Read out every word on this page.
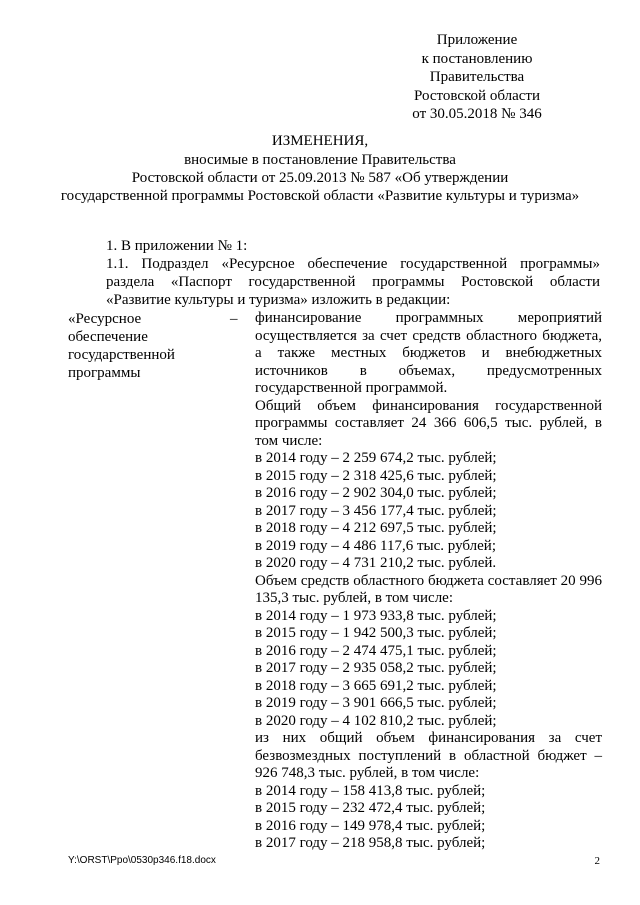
Приложение
к постановлению
Правительства
Ростовской области
от 30.05.2018 № 346
ИЗМЕНЕНИЯ,
вносимые в постановление Правительства
Ростовской области от 25.09.2013 № 587 «Об утверждении
государственной программы Ростовской области «Развитие культуры и туризма»

1. В приложении № 1:

1.1. Подраздел «Ресурсное обеспечение государственной программы» раздела «Паспорт государственной программы Ростовской области «Развитие культуры и туризма» изложить в редакции:

«Ресурсное обеспечение государственной программы
– финансирование программных мероприятий осуществляется за счет средств областного бюджета, а также местных бюджетов и внебюджетных источников в объемах, предусмотренных государственной программой.

Общий объем финансирования государственной программы составляет 24 366 606,5 тыс. рублей, в том числе:

в 2014 году – 2 259 674,2 тыс. рублей;
в 2015 году – 2 318 425,6 тыс. рублей;
в 2016 году – 2 902 304,0 тыс. рублей;
в 2017 году – 3 456 177,4 тыс. рублей;
в 2018 году – 4 212 697,5 тыс. рублей;
в 2019 году – 4 486 117,6 тыс. рублей;
в 2020 году – 4 731 210,2 тыс. рублей.

Объем средств областного бюджета составляет 20 996 135,3 тыс. рублей, в том числе:

в 2014 году – 1 973 933,8 тыс. рублей;
в 2015 году – 1 942 500,3 тыс. рублей;
в 2016 году – 2 474 475,1 тыс. рублей;
в 2017 году – 2 935 058,2 тыс. рублей;
в 2018 году – 3 665 691,2 тыс. рублей;
в 2019 году – 3 901 666,5 тыс. рублей;
в 2020 году – 4 102 810,2 тыс. рублей;

из них общий объем финансирования за счет безвозмездных поступлений в областной бюджет – 926 748,3 тыс. рублей, в том числе:

в 2014 году – 158 413,8 тыс. рублей;
в 2015 году – 232 472,4 тыс. рублей;
в 2016 году – 149 978,4 тыс. рублей;
в 2017 году – 218 958,8 тыс. рублей;
Y:\ORST\Ppo\0530p346.f18.docx	2
